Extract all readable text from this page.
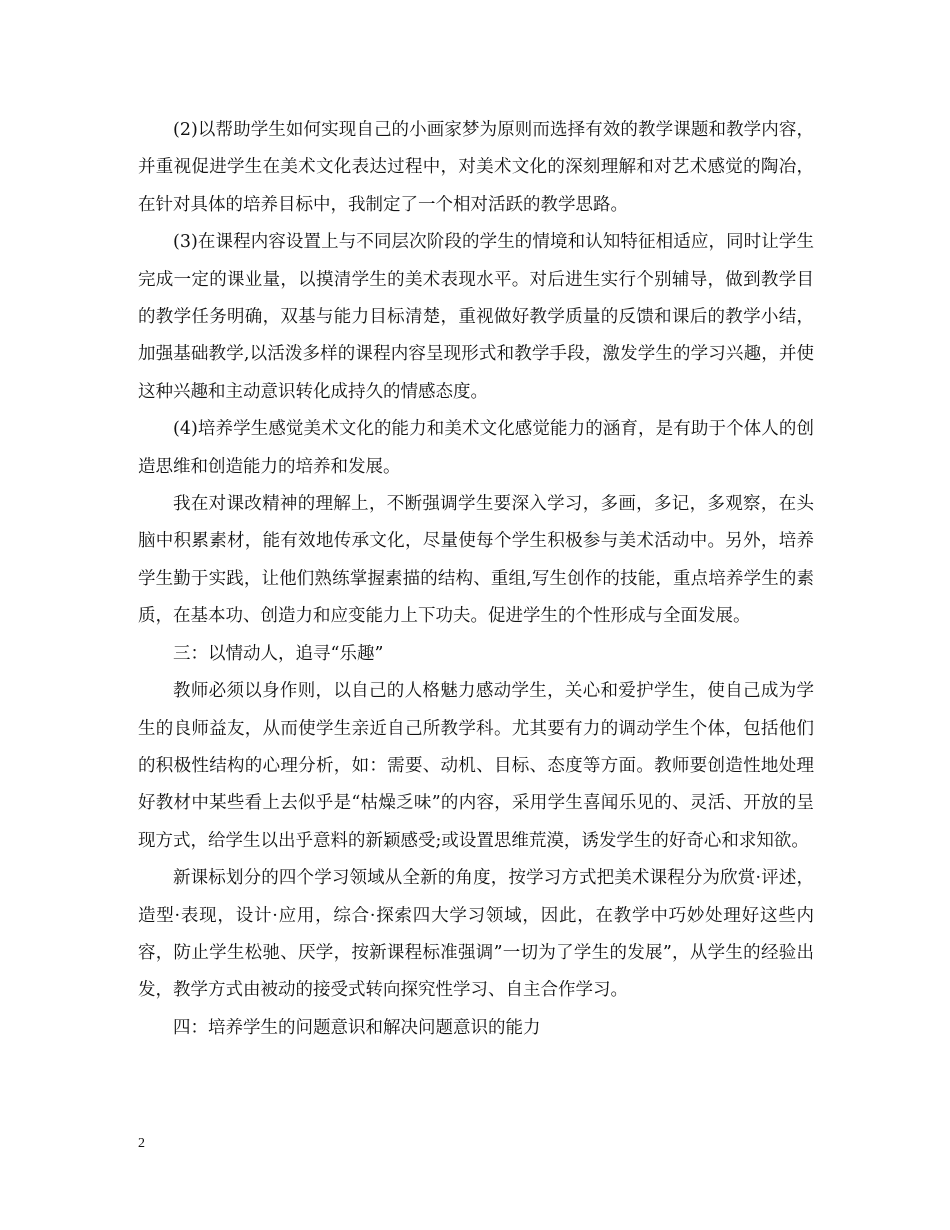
(2)以帮助学生如何实现自己的小画家梦为原则而选择有效的教学课题和教学内容，并重视促进学生在美术文化表达过程中，对美术文化的深刻理解和对艺术感觉的陶冶，在针对具体的培养目标中，我制定了一个相对活跃的教学思路。

(3)在课程内容设置上与不同层次阶段的学生的情境和认知特征相适应，同时让学生完成一定的课业量，以摸清学生的美术表现水平。对后进生实行个别辅导，做到教学目的教学任务明确，双基与能力目标清楚，重视做好教学质量的反馈和课后的教学小结，加强基础教学,以活泼多样的课程内容呈现形式和教学手段，激发学生的学习兴趣，并使这种兴趣和主动意识转化成持久的情感态度。

(4)培养学生感觉美术文化的能力和美术文化感觉能力的涵育，是有助于个体人的创造思维和创造能力的培养和发展。

我在对课改精神的理解上，不断强调学生要深入学习，多画，多记，多观察，在头脑中积累素材，能有效地传承文化，尽量使每个学生积极参与美术活动中。另外，培养学生勤于实践，让他们熟练掌握素描的结构、重组,写生创作的技能，重点培养学生的素质，在基本功、创造力和应变能力上下功夫。促进学生的个性形成与全面发展。

三：以情动人，追寻“乐趣”

教师必须以身作则，以自己的人格魅力感动学生，关心和爱护学生，使自己成为学生的良师益友，从而使学生亲近自己所教学科。尤其要有力的调动学生个体，包括他们的积极性结构的心理分析，如：需要、动机、目标、态度等方面。教师要创造性地处理好教材中某些看上去似乎是“枯燥乏味”的内容，采用学生喜闻乐见的、灵活、开放的呈现方式，给学生以出乎意料的新颖感受;或设置思维荒漠，诱发学生的好奇心和求知欲。

新课标划分的四个学习领域从全新的角度，按学习方式把美术课程分为欣赏·评述，造型·表现，设计·应用，综合·探索四大学习领域，因此，在教学中巧妙处理好这些内容，防止学生松驰、厌学，按新课程标准强调”一切为了学生的发展”，从学生的经验出发，教学方式由被动的接受式转向探究性学习、自主合作学习。

四：培养学生的问题意识和解决问题意识的能力

2
